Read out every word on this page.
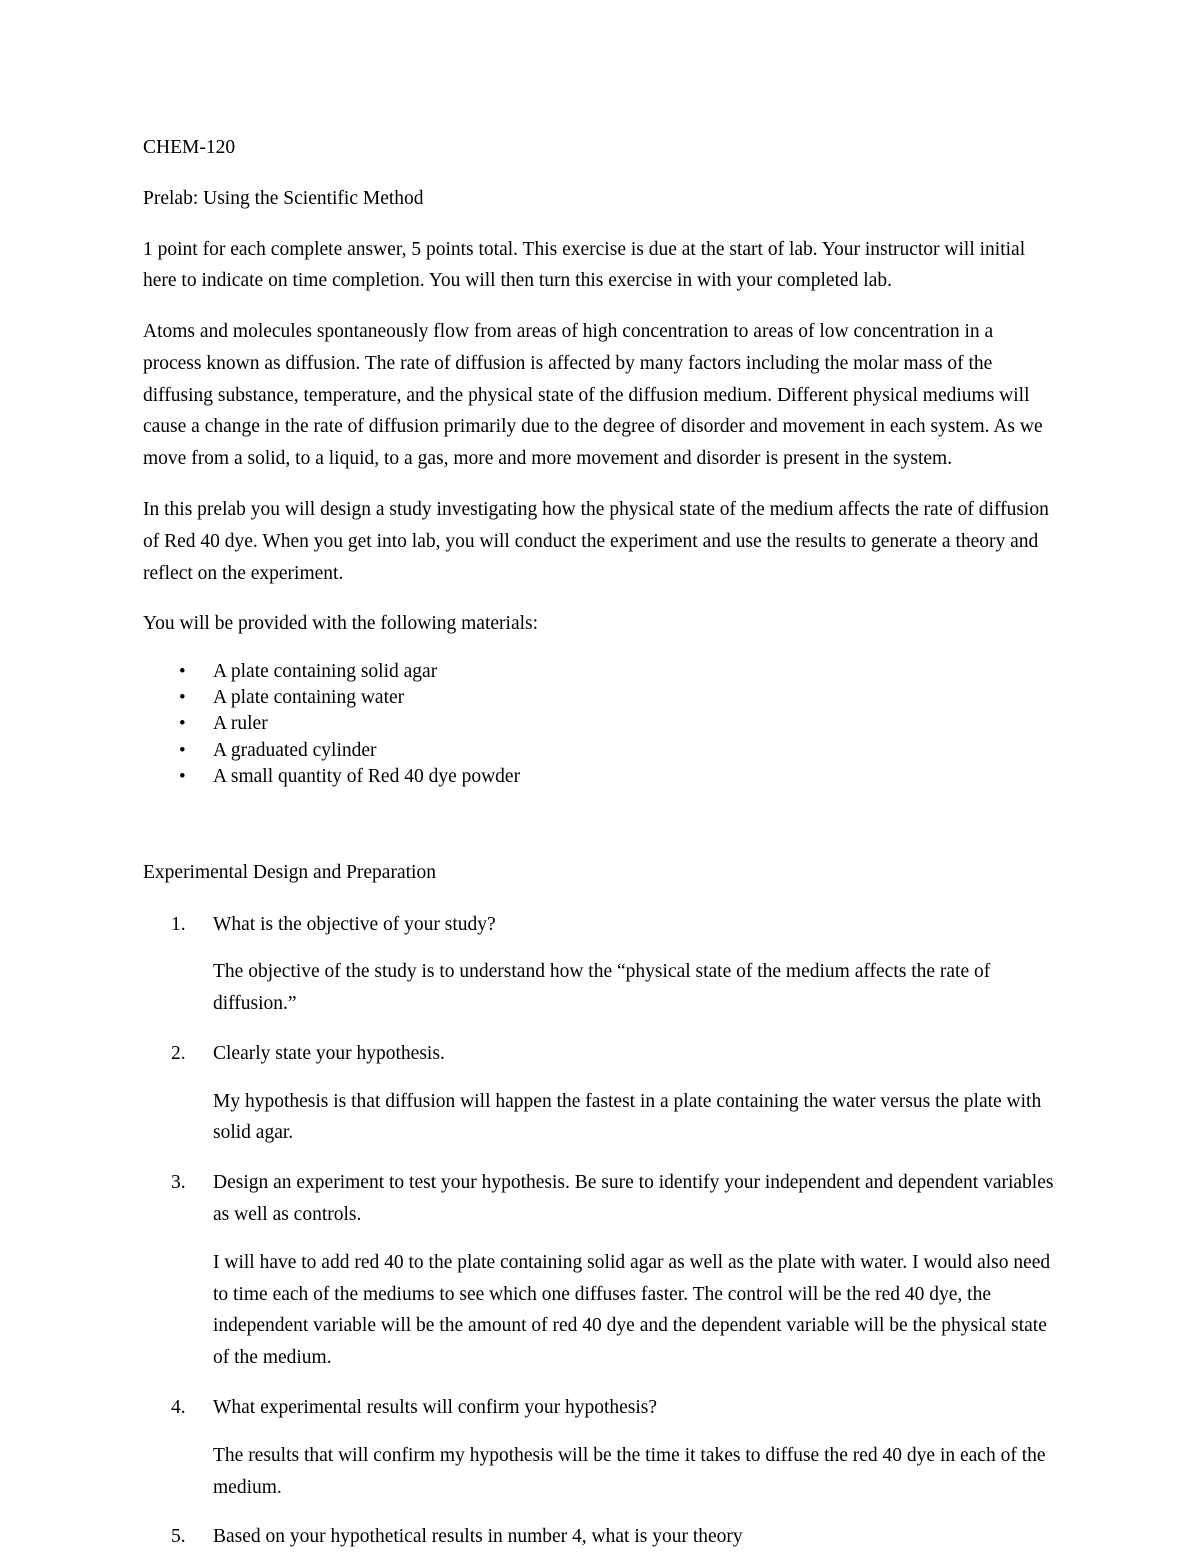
CHEM-120
Prelab: Using the Scientific Method

1 point for each complete answer, 5 points total. This exercise is due at the start of lab. Your instructor will initial here to indicate on time completion. You will then turn this exercise in with your completed lab.

Atoms and molecules spontaneously flow from areas of high concentration to areas of low concentration in a process known as diffusion. The rate of diffusion is affected by many factors including the molar mass of the diffusing substance, temperature, and the physical state of the diffusion medium. Different physical mediums will cause a change in the rate of diffusion primarily due to the degree of disorder and movement in each system. As we move from a solid, to a liquid, to a gas, more and more movement and disorder is present in the system.

In this prelab you will design a study investigating how the physical state of the medium affects the rate of diffusion of Red 40 dye. When you get into lab, you will conduct the experiment and use the results to generate a theory and reflect on the experiment.

You will be provided with the following materials:

• A plate containing solid agar
• A plate containing water
• A ruler
• A graduated cylinder
• A small quantity of Red 40 dye powder
Experimental Design and Preparation
1. What is the objective of your study?
The objective of the study is to understand how the “physical state of the medium affects the rate of diffusion.”
2. Clearly state your hypothesis.
My hypothesis is that diffusion will happen the fastest in a plate containing the water versus the plate with solid agar.
3. Design an experiment to test your hypothesis. Be sure to identify your independent and dependent variables as well as controls.
I will have to add red 40 to the plate containing solid agar as well as the plate with water. I would also need to time each of the mediums to see which one diffuses faster. The control will be the red 40 dye, the independent variable will be the amount of red 40 dye and the dependent variable will be the physical state of the medium.
4. What experimental results will confirm your hypothesis?
The results that will confirm my hypothesis will be the time it takes to diffuse the red 40 dye in each of the medium.
5. Based on your hypothetical results in number 4, what is your theory
